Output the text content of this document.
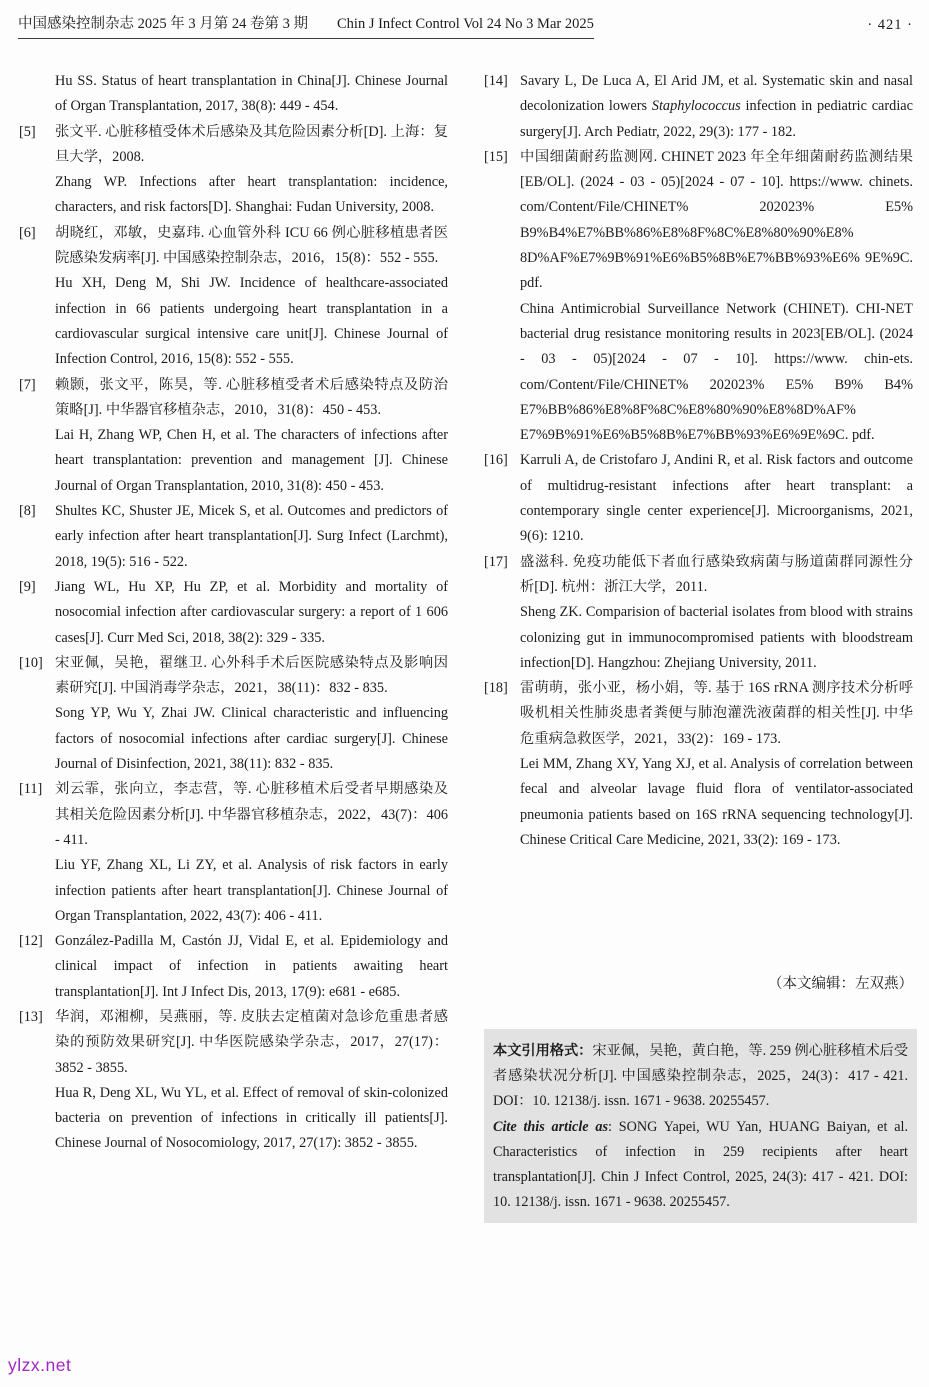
中国感染控制杂志 2025 年 3 月第 24 卷第 3 期　　Chin J Infect Control Vol 24 No 3 Mar 2025	· 421 ·

Hu SS. Status of heart transplantation in China[J]. Chinese Journal of Organ Transplantation, 2017, 38(8): 449 - 454.

[5] 张文平. 心脏移植受体术后感染及其危险因素分析[D]. 上海：复旦大学，2008.

Zhang WP. Infections after heart transplantation: incidence, characters, and risk factors[D]. Shanghai: Fudan University, 2008.

[6] 胡晓红，邓敏，史嘉玮. 心血管外科 ICU 66 例心脏移植患者医院感染发病率[J]. 中国感染控制杂志，2016，15(8)：552 - 555.

Hu XH, Deng M, Shi JW. Incidence of healthcare-associated infection in 66 patients undergoing heart transplantation in a cardiovascular surgical intensive care unit[J]. Chinese Journal of Infection Control, 2016, 15(8): 552 - 555.

[7] 赖颢，张文平，陈昊，等. 心脏移植受者术后感染特点及防治策略[J]. 中华器官移植杂志，2010，31(8)：450 - 453.

Lai H, Zhang WP, Chen H, et al. The characters of infections after heart transplantation: prevention and management [J]. Chinese Journal of Organ Transplantation, 2010, 31(8): 450 - 453.

[8] Shultes KC, Shuster JE, Micek S, et al. Outcomes and predictors of early infection after heart transplantation[J]. Surg Infect (Larchmt), 2018, 19(5): 516 - 522.

[9] Jiang WL, Hu XP, Hu ZP, et al. Morbidity and mortality of nosocomial infection after cardiovascular surgery: a report of 1 606 cases[J]. Curr Med Sci, 2018, 38(2): 329 - 335.

[10] 宋亚佩，吴艳，翟继卫. 心外科手术后医院感染特点及影响因素研究[J]. 中国消毒学杂志，2021，38(11)：832 - 835.

Song YP, Wu Y, Zhai JW. Clinical characteristic and influencing factors of nosocomial infections after cardiac surgery[J]. Chinese Journal of Disinfection, 2021, 38(11): 832 - 835.

[11] 刘云霏，张向立，李志营，等. 心脏移植术后受者早期感染及其相关危险因素分析[J]. 中华器官移植杂志，2022，43(7)：406 - 411.

Liu YF, Zhang XL, Li ZY, et al. Analysis of risk factors in early infection patients after heart transplantation[J]. Chinese Journal of Organ Transplantation, 2022, 43(7): 406 - 411.

[12] González-Padilla M, Castón JJ, Vidal E, et al. Epidemiology and clinical impact of infection in patients awaiting heart transplantation[J]. Int J Infect Dis, 2013, 17(9): e681 - e685.

[13] 华润，邓湘柳，吴燕丽，等. 皮肤去定植菌对急诊危重患者感染的预防效果研究[J]. 中华医院感染学杂志，2017，27(17)：3852 - 3855.

Hua R, Deng XL, Wu YL, et al. Effect of removal of skin-colonized bacteria on prevention of infections in critically ill patients[J]. Chinese Journal of Nosocomiology, 2017, 27(17): 3852 - 3855.

[14] Savary L, De Luca A, El Arid JM, et al. Systematic skin and nasal decolonization lowers Staphylococcus infection in pediatric cardiac surgery[J]. Arch Pediatr, 2022, 29(3): 177 - 182.

[15] 中国细菌耐药监测网. CHINET 2023 年全年细菌耐药监测结果[EB/OL]. (2024 - 03 - 05)[2024 - 07 - 10]. https://www. chinets. com/Content/File/CHINET% 202023% E5% B9%B4%E7%BB%86%E8%8F%8C%E8%80%90%E8% 8D%AF%E7%9B%91%E6%B5%8B%E7%BB%93%E6% 9E%9C. pdf.

China Antimicrobial Surveillance Network (CHINET). CHI-NET bacterial drug resistance monitoring results in 2023[EB/OL]. (2024 - 03 - 05)[2024 - 07 - 10]. https://www. chin-ets. com/Content/File/CHINET% 202023% E5% B9% B4% E7%BB%86%E8%8F%8C%E8%80%90%E8%8D%AF% E7%9B%91%E6%B5%8B%E7%BB%93%E6%9E%9C. pdf.

[16] Karruli A, de Cristofaro J, Andini R, et al. Risk factors and outcome of multidrug-resistant infections after heart transplant: a contemporary single center experience[J]. Microorganisms, 2021, 9(6): 1210.

[17] 盛滋科. 免疫功能低下者血行感染致病菌与肠道菌群同源性分析[D]. 杭州：浙江大学，2011.

Sheng ZK. Comparision of bacterial isolates from blood with strains colonizing gut in immunocompromised patients with bloodstream infection[D]. Hangzhou: Zhejiang University, 2011.

[18] 雷萌萌，张小亚，杨小娟，等. 基于 16S rRNA 测序技术分析呼吸机相关性肺炎患者粪便与肺泡灌洗液菌群的相关性[J]. 中华危重病急救医学，2021，33(2)：169 - 173.

Lei MM, Zhang XY, Yang XJ, et al. Analysis of correlation between fecal and alveolar lavage fluid flora of ventilator-associated pneumonia patients based on 16S rRNA sequencing technology[J]. Chinese Critical Care Medicine, 2021, 33(2): 169 - 173.

（本文编辑：左双燕）

本文引用格式：宋亚佩，吴艳，黄白艳，等. 259 例心脏移植术后受者感染状况分析[J]. 中国感染控制杂志，2025，24(3)：417 - 421. DOI：10. 12138/j. issn. 1671 - 9638. 20255457.

Cite this article as: SONG Yapei, WU Yan, HUANG Baiyan, et al. Characteristics of infection in 259 recipients after heart transplantation[J]. Chin J Infect Control, 2025, 24(3): 417 - 421. DOI: 10. 12138/j. issn. 1671 - 9638. 20255457.

ylzx.net
